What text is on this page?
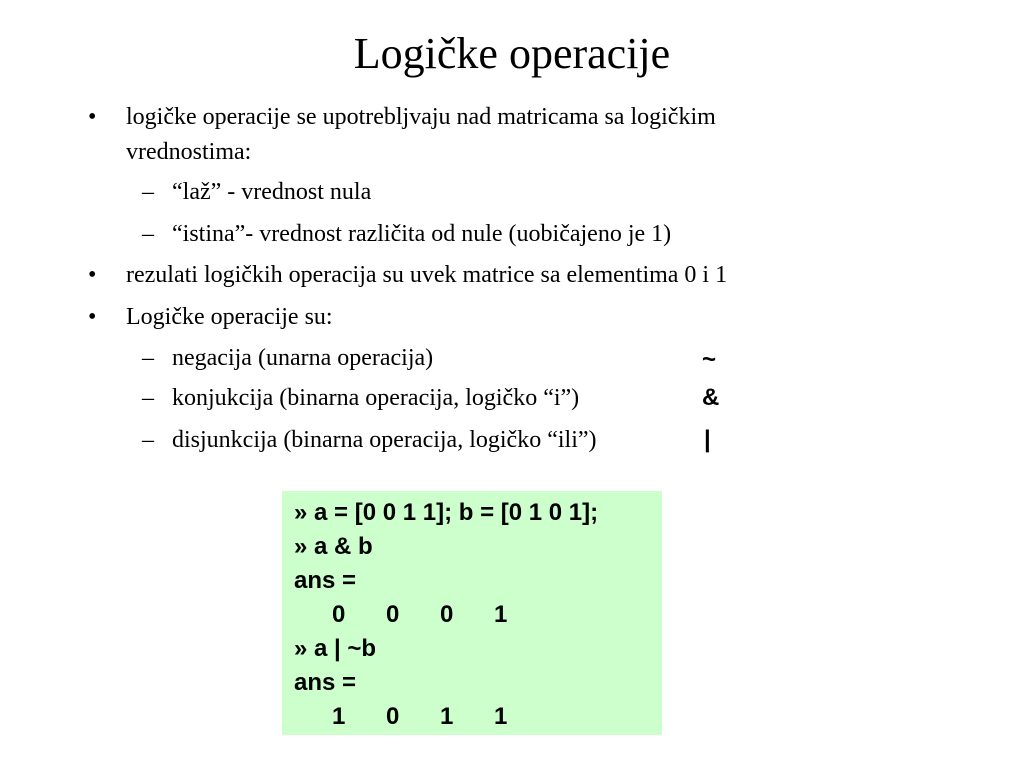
Logičke operacije
• logičke operacije se upotrebljvaju nad matricama sa logičkim
vrednostima:
– “laž” - vrednost nula
– “istina”- vrednost različita od nule (uobičajeno je 1)
• rezulati logičkih operacija su uvek matrice sa elementima 0 i 1
• Logičke operacije su:
– negacija (unarna operacija)	~
– konjukcija (binarna operacija, logičko “i”)	&
– disjunkcija (binarna operacija, logičko “ili”)	|
» a = [0 0 1 1]; b = [0 1 0 1];
» a & b
ans =
0 0 0 1
» a | ~b
ans =
1 0 1 1
